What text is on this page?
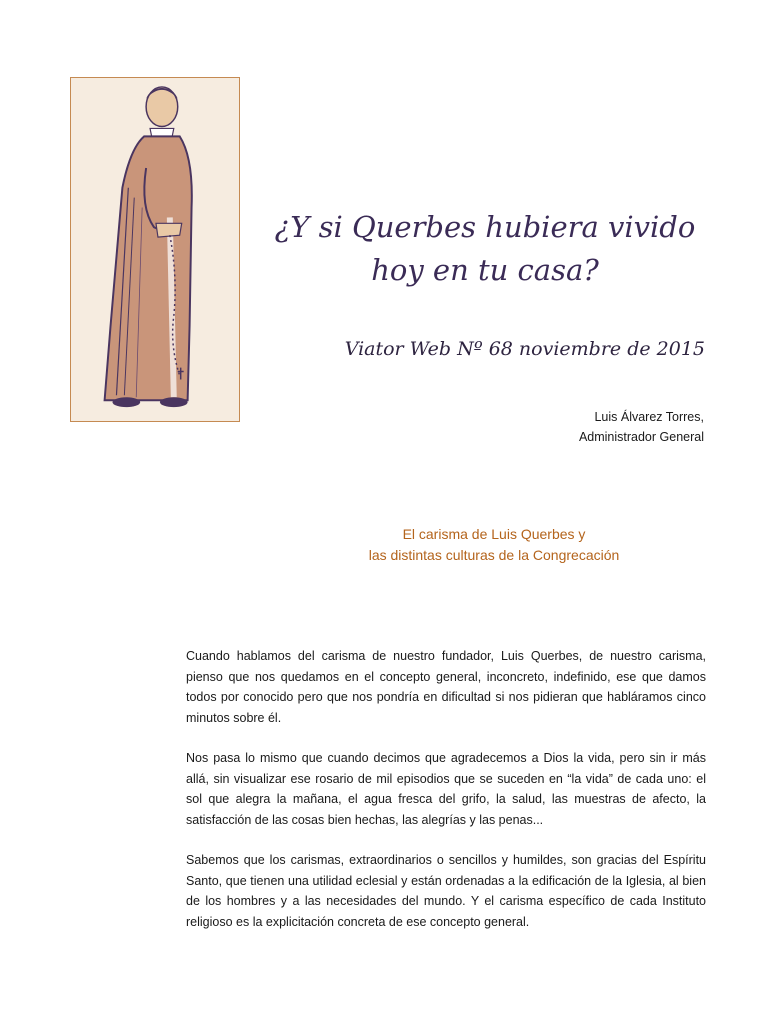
¿Y si Querbes hubiera vivido
hoy en tu casa?
Viator Web Nº 68 noviembre de 2015
Luis Álvarez Torres,
Administrador General
El carisma de Luis Querbes y
las distintas culturas de la Congrecación

Cuando hablamos del carisma de nuestro fundador, Luis Querbes, de nuestro carisma, pienso que nos quedamos en el concepto general, inconcreto, indefinido, ese que damos todos por conocido pero que nos pondría en dificultad si nos pidieran que habláramos cinco minutos sobre él.

Nos pasa lo mismo que cuando decimos que agradecemos a Dios la vida, pero sin ir más allá, sin visualizar ese rosario de mil episodios que se suceden en “la vida” de cada uno: el sol que alegra la mañana, el agua fresca del grifo, la salud, las muestras de afecto, la satisfacción de las cosas bien hechas, las alegrías y las penas...

Sabemos que los carismas, extraordinarios o sencillos y humildes, son gracias del Espíritu Santo, que tienen una utilidad eclesial y están ordenadas a la edificación de la Iglesia, al bien de los hombres y a las necesidades del mundo. Y el carisma específico de cada Instituto religioso es la explicitación concreta de ese concepto general.
